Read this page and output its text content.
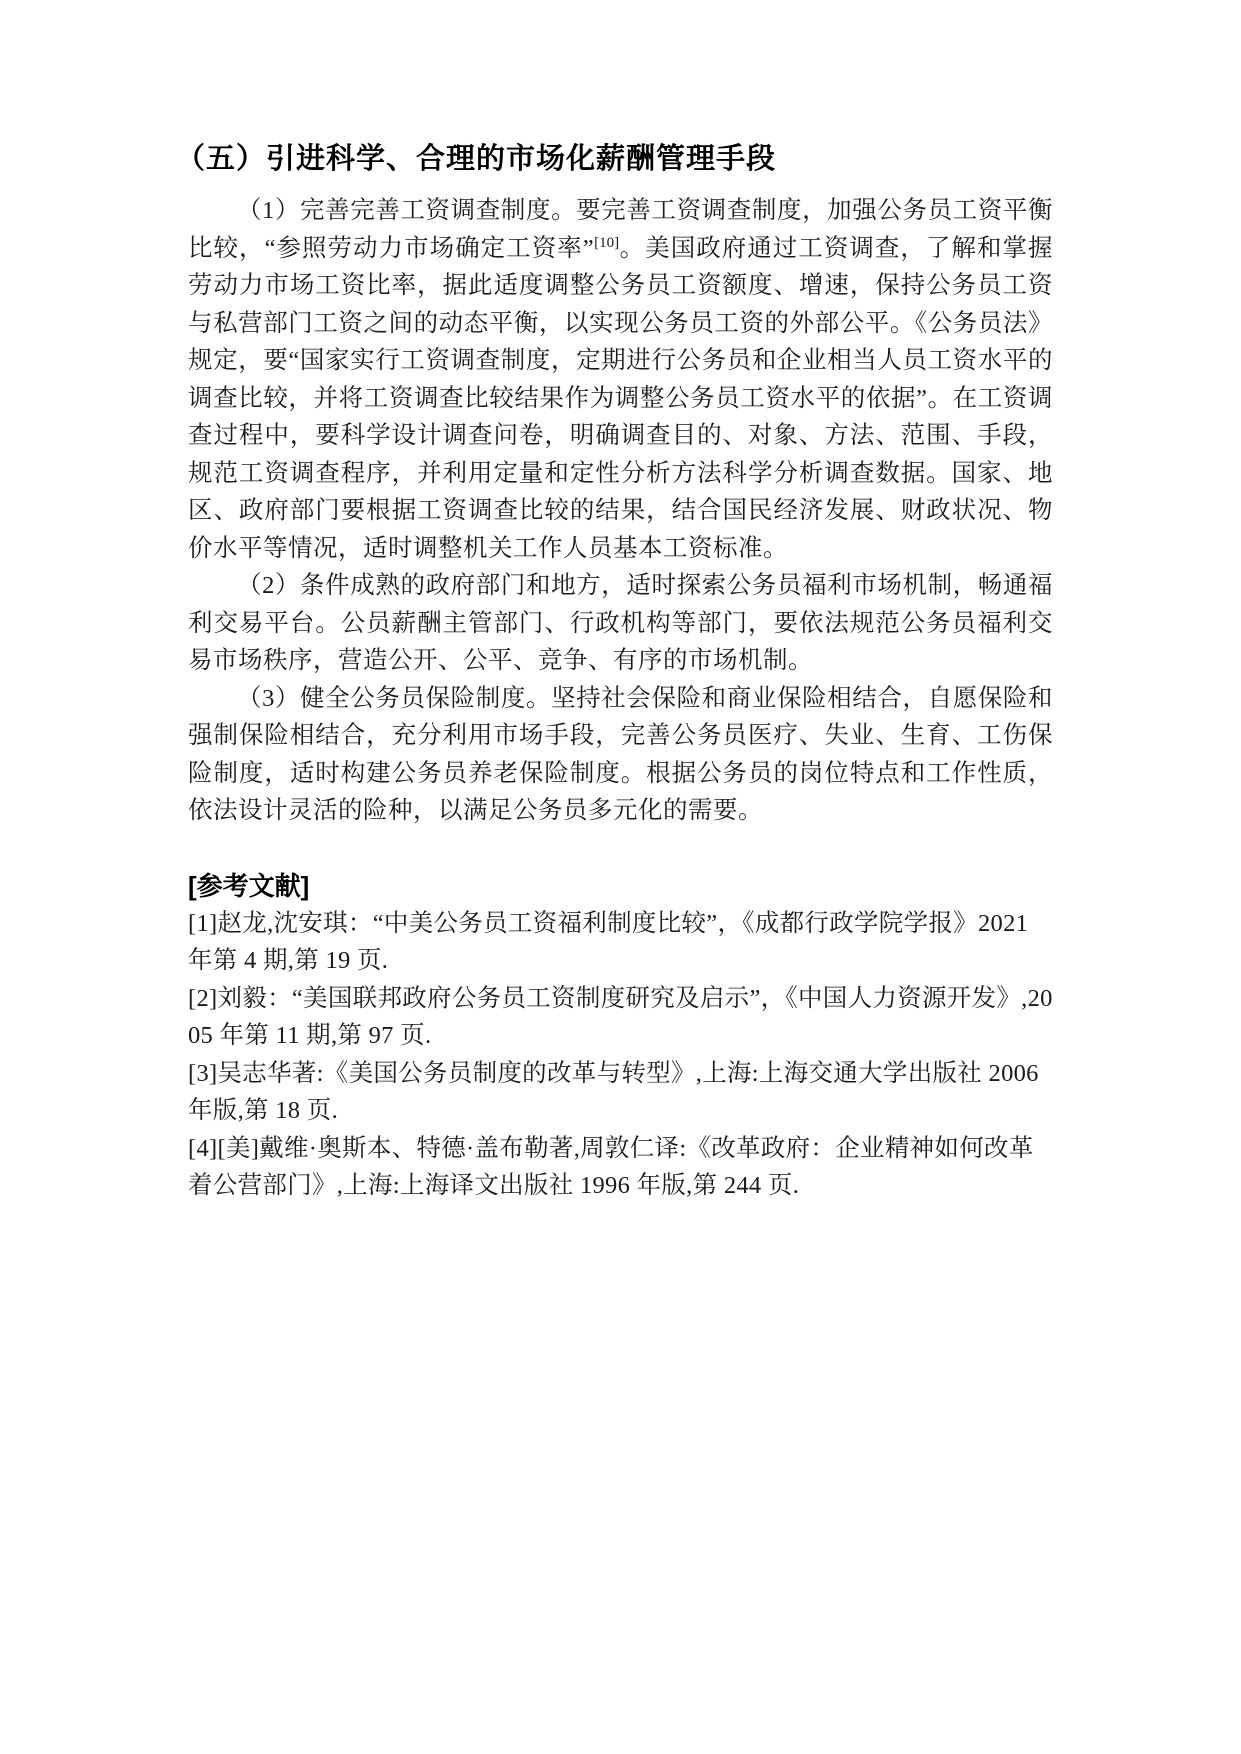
（五）引进科学、合理的市场化薪酬管理手段

（1）完善完善工资调查制度。要完善工资调查制度，加强公务员工资平衡比较，“参照劳动力市场确定工资率”[10]。美国政府通过工资调查，了解和掌握劳动力市场工资比率，据此适度调整公务员工资额度、增速，保持公务员工资与私营部门工资之间的动态平衡，以实现公务员工资的外部公平。《公务员法》规定，要“国家实行工资调查制度，定期进行公务员和企业相当人员工资水平的调查比较，并将工资调查比较结果作为调整公务员工资水平的依据”。在工资调查过程中，要科学设计调查问卷，明确调查目的、对象、方法、范围、手段，规范工资调查程序，并利用定量和定性分析方法科学分析调查数据。国家、地区、政府部门要根据工资调查比较的结果，结合国民经济发展、财政状况、物价水平等情况，适时调整机关工作人员基本工资标准。

（2）条件成熟的政府部门和地方，适时探索公务员福利市场机制，畅通福利交易平台。公员薪酬主管部门、行政机构等部门，要依法规范公务员福利交易市场秩序，营造公开、公平、竞争、有序的市场机制。

（3）健全公务员保险制度。坚持社会保险和商业保险相结合，自愿保险和强制保险相结合，充分利用市场手段，完善公务员医疗、失业、生育、工伤保险制度，适时构建公务员养老保险制度。根据公务员的岗位特点和工作性质，依法设计灵活的险种，以满足公务员多元化的需要。

[参考文献]

[1]赵龙,沈安琪：“中美公务员工资福利制度比较”，《成都行政学院学报》2021 年第 4 期,第 19 页.

[2]刘毅：“美国联邦政府公务员工资制度研究及启示”，《中国人力资源开发》,2005 年第 11 期,第 97 页.

[3]吴志华著:《美国公务员制度的改革与转型》,上海:上海交通大学出版社 2006 年版,第 18 页.

[4][美]戴维·奥斯本、特德·盖布勒著,周敦仁译:《改革政府：企业精神如何改革着公营部门》,上海:上海译文出版社 1996 年版,第 244 页.
